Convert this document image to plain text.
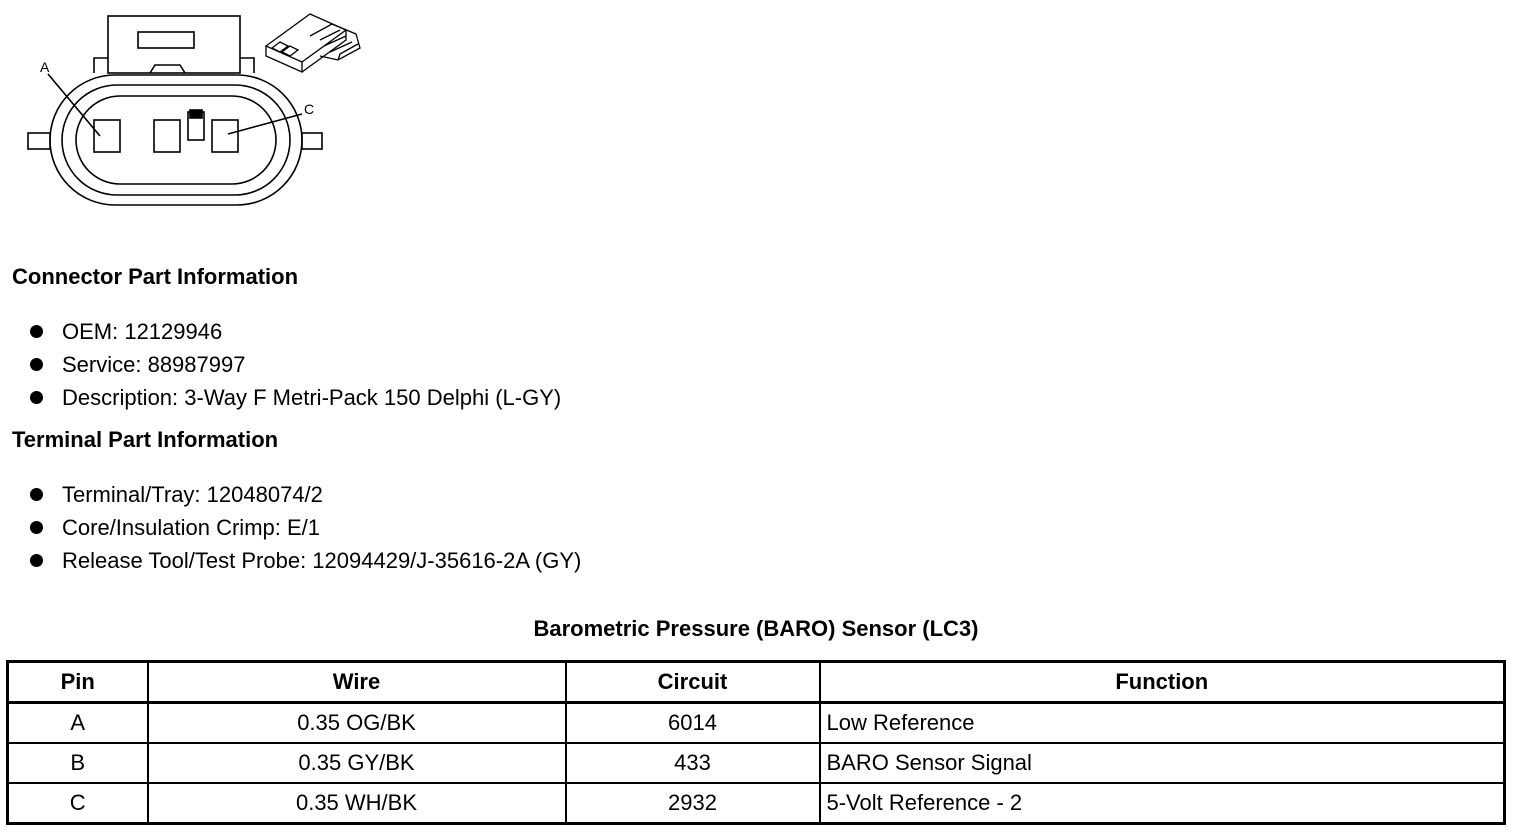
A
C
Connector Part Information
OEM: 12129946
Service: 88987997
Description: 3-Way F Metri-Pack 150 Delphi (L-GY)
Terminal Part Information
Terminal/Tray: 12048074/2
Core/Insulation Crimp: E/1
Release Tool/Test Probe: 12094429/J-35616-2A (GY)
Barometric Pressure (BARO) Sensor (LC3)
Pin	Wire	Circuit	Function
A	0.35 OG/BK	6014	Low Reference
B	0.35 GY/BK	433	BARO Sensor Signal
C	0.35 WH/BK	2932	5-Volt Reference - 2
